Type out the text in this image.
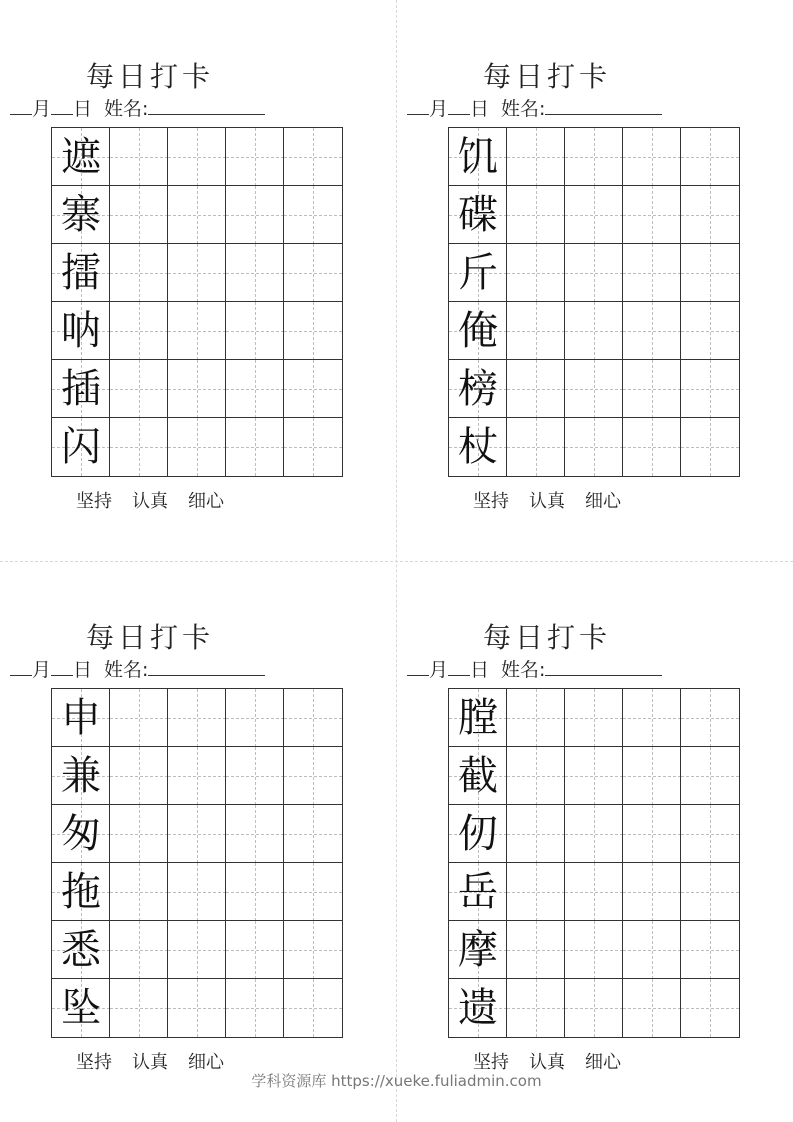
每日打卡
月 日 姓名:
遮
寨
擂
呐
插
闪
坚持 认真 细心
每日打卡
月 日 姓名:
饥
碟
斤
俺
榜
杖
坚持 认真 细心
每日打卡
月 日 姓名:
申
兼
匆
拖
悉
坠
坚持 认真 细心
每日打卡
月 日 姓名:
膛
截
仞
岳
摩
遗
坚持 认真 细心
学科资源库 https://xueke.fuliadmin.com
